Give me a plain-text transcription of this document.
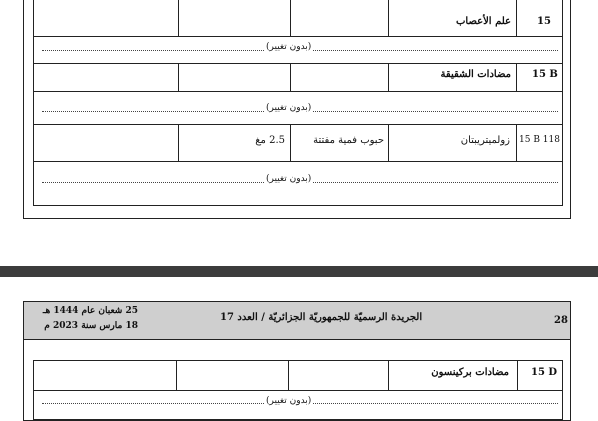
علم الأعصاب	15
(بدون تغيير)
مضادات الشقيقة 15 B
(بدون تغيير)
2.5 مغ	حبوب فمية مفتتة	زولميتريبتان 15 B 118
(بدون تغيير)
28
الجريدة الرسميّة للجمهوريّة الجزائريّة / العدد 17
25 شعبان عام 1444 هـ
18 مارس سنة 2023 م
مضادات بركينسون 15 D
(بدون تغيير)
